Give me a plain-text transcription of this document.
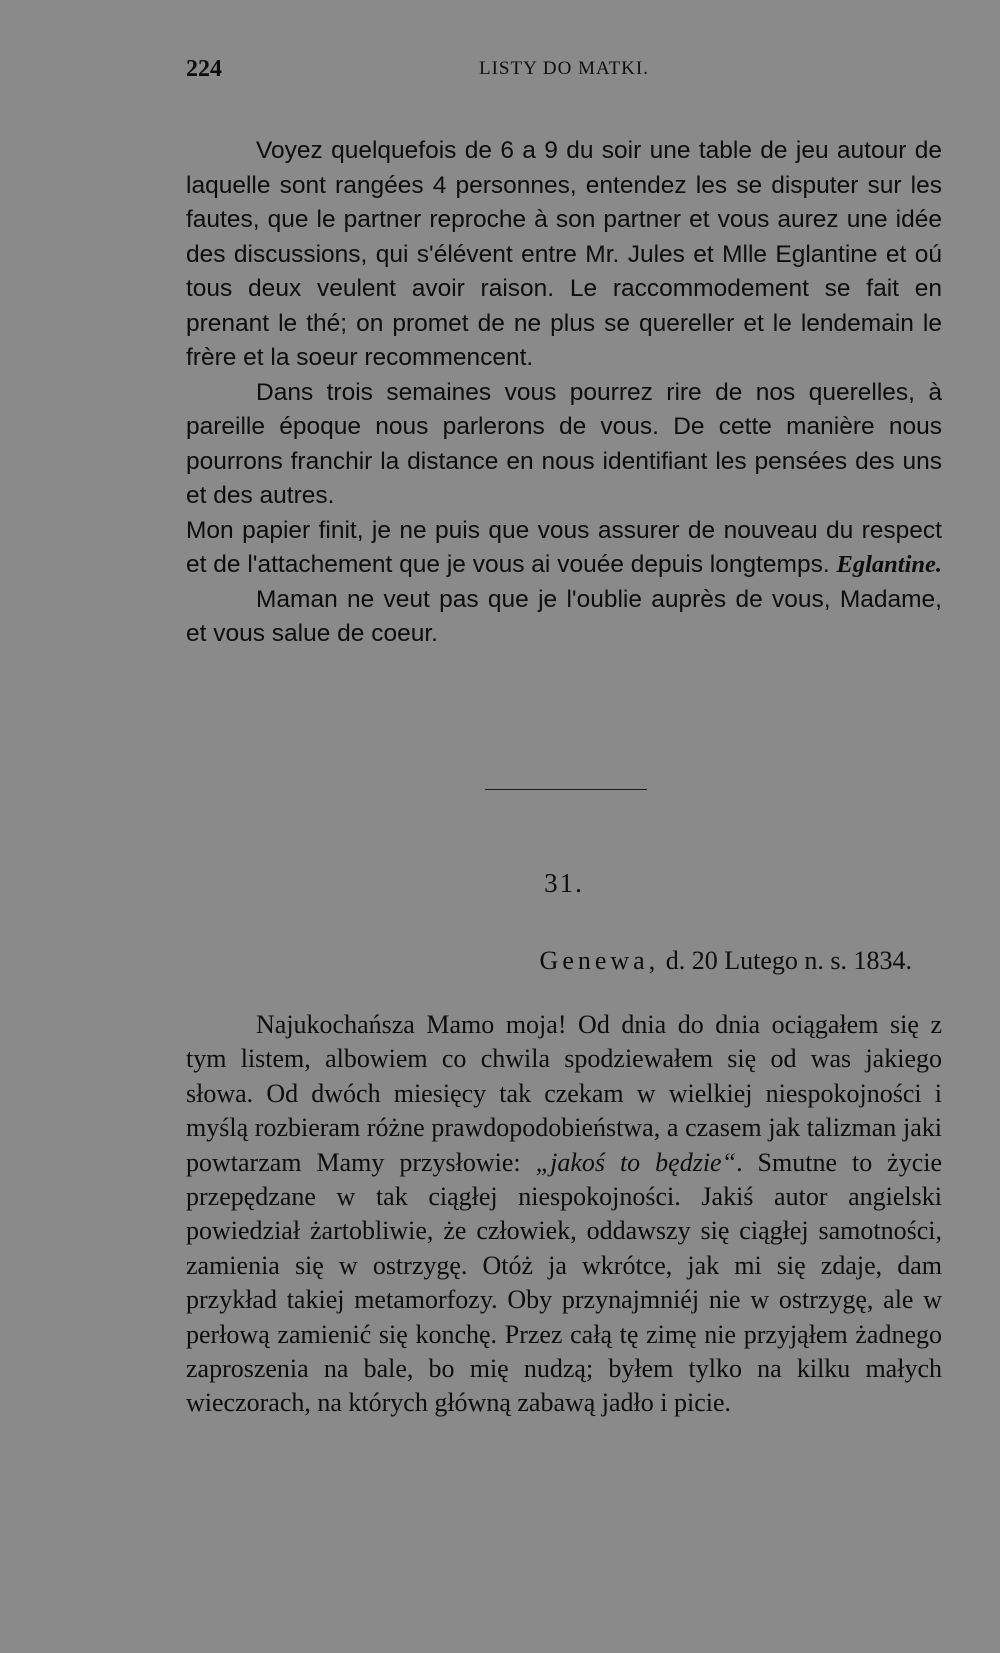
224	LISTY DO MATKI.

Voyez quelquefois de 6 a 9 du soir une table de jeu autour de laquelle sont rangées 4 personnes, entendez les se disputer sur les fautes, que le partner reproche à son partner et vous aurez une idée des discussions, qui s'élévent entre Mr. Jules et Mlle Eglantine et oú tous deux veulent avoir raison. Le raccommodement se fait en prenant le thé; on promet de ne plus se quereller et le lendemain le frère et la soeur recommencent.

Dans trois semaines vous pourrez rire de nos querelles, à pareille époque nous parlerons de vous. De cette manière nous pourrons franchir la distance en nous identifiant les pensées des uns et des autres.

Mon papier finit, je ne puis que vous assurer de nouveau du respect et de l'attachement que je vous ai vouée depuis longtemps. Eglantine.

Maman ne veut pas que je l'oublie auprès de vous, Madame, et vous salue de coeur.

31.
Genewa, d. 20 Lutego n. s. 1834.

Najukochańsza Mamo moja! Od dnia do dnia ociągałem się z tym listem, albowiem co chwila spodziewałem się od was jakiego słowa. Od dwóch miesięcy tak czekam w wielkiej niespokojności i myślą rozbieram różne prawdopodobieństwa, a czasem jak talizman jaki powtarzam Mamy przysłowie: „jakoś to będzie“. Smutne to życie przepędzane w tak ciągłej niespokojności. Jakiś autor angielski powiedział żartobliwie, że człowiek, oddawszy się ciągłej samotności, zamienia się w ostrzygę. Otóż ja wkrótce, jak mi się zdaje, dam przykład takiej metamorfozy. Oby przynajmniéj nie w ostrzygę, ale w perłową zamienić się konchę. Przez całą tę zimę nie przyjąłem żadnego zaproszenia na bale, bo mię nudzą; byłem tylko na kilku małych wieczorach, na których główną zabawą jadło i picie.
